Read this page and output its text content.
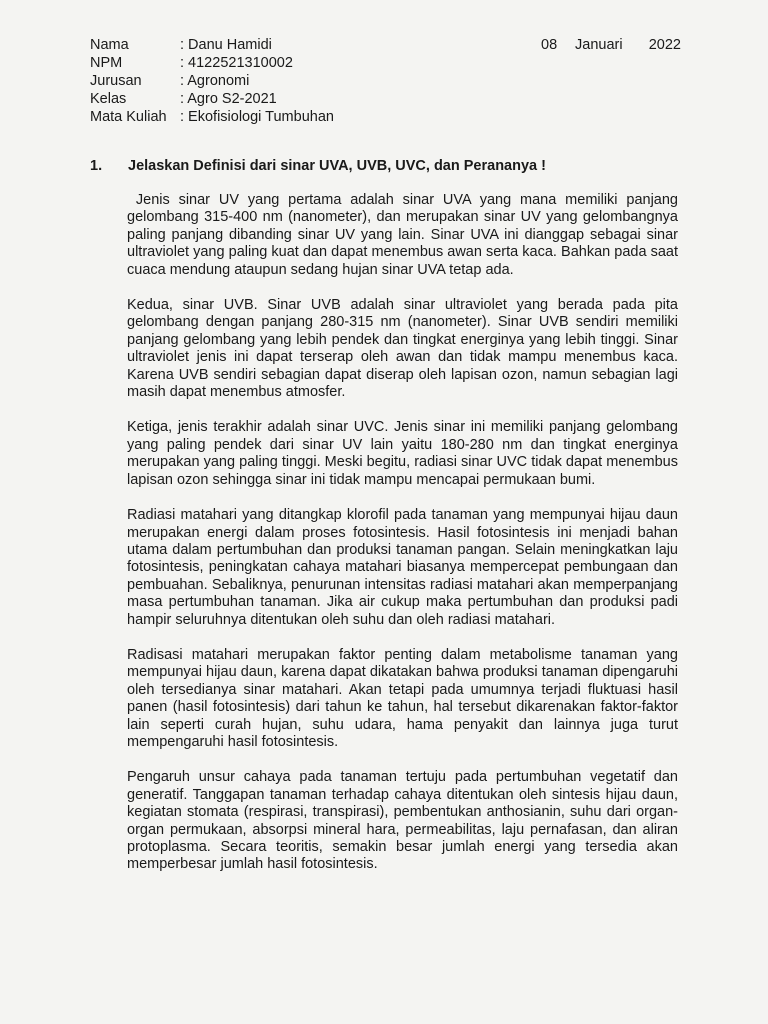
Nama	: Danu Hamidi
NPM	: 4122521310002
Jurusan	: Agronomi
Kelas	: Agro S2-2021
Mata Kuliah : Ekofisiologi Tumbuhan
08	Januari	2022
1.	Jelaskan Definisi dari sinar UVA, UVB, UVC, dan Perananya !

Jenis sinar UV yang pertama adalah sinar UVA yang mana memiliki panjang gelombang 315-400 nm (nanometer), dan merupakan sinar UV yang gelombangnya paling panjang dibanding sinar UV yang lain. Sinar UVA ini dianggap sebagai sinar ultraviolet yang paling kuat dan dapat menembus awan serta kaca. Bahkan pada saat cuaca mendung ataupun sedang hujan sinar UVA tetap ada.

Kedua, sinar UVB. Sinar UVB adalah sinar ultraviolet yang berada pada pita gelombang dengan panjang 280-315 nm (nanometer). Sinar UVB sendiri memiliki panjang gelombang yang lebih pendek dan tingkat energinya yang lebih tinggi. Sinar ultraviolet jenis ini dapat terserap oleh awan dan tidak mampu menembus kaca. Karena UVB sendiri sebagian dapat diserap oleh lapisan ozon, namun sebagian lagi masih dapat menembus atmosfer.

Ketiga, jenis terakhir adalah sinar UVC. Jenis sinar ini memiliki panjang gelombang yang paling pendek dari sinar UV lain yaitu 180-280 nm dan tingkat energinya merupakan yang paling tinggi. Meski begitu, radiasi sinar UVC tidak dapat menembus lapisan ozon sehingga sinar ini tidak mampu mencapai permukaan bumi.

Radiasi matahari yang ditangkap klorofil pada tanaman yang mempunyai hijau daun merupakan energi dalam proses fotosintesis. Hasil fotosintesis ini menjadi bahan utama dalam pertumbuhan dan produksi tanaman pangan. Selain meningkatkan laju fotosintesis, peningkatan cahaya matahari biasanya mempercepat pembungaan dan pembuahan. Sebaliknya, penurunan intensitas radiasi matahari akan memperpanjang masa pertumbuhan tanaman. Jika air cukup maka pertumbuhan dan produksi padi hampir seluruhnya ditentukan oleh suhu dan oleh radiasi matahari.

Radisasi matahari merupakan faktor penting dalam metabolisme tanaman yang mempunyai hijau daun, karena dapat dikatakan bahwa produksi tanaman dipengaruhi oleh tersedianya sinar matahari. Akan tetapi pada umumnya terjadi fluktuasi hasil panen (hasil fotosintesis) dari tahun ke tahun, hal tersebut dikarenakan faktor-faktor lain seperti curah hujan, suhu udara, hama penyakit dan lainnya juga turut mempengaruhi hasil fotosintesis.

Pengaruh unsur cahaya pada tanaman tertuju pada pertumbuhan vegetatif dan generatif. Tanggapan tanaman terhadap cahaya ditentukan oleh sintesis hijau daun, kegiatan stomata (respirasi, transpirasi), pembentukan anthosianin, suhu dari organ- organ permukaan, absorpsi mineral hara, permeabilitas, laju pernafasan, dan aliran protoplasma. Secara teoritis, semakin besar jumlah energi yang tersedia akan memperbesar jumlah hasil fotosintesis.
